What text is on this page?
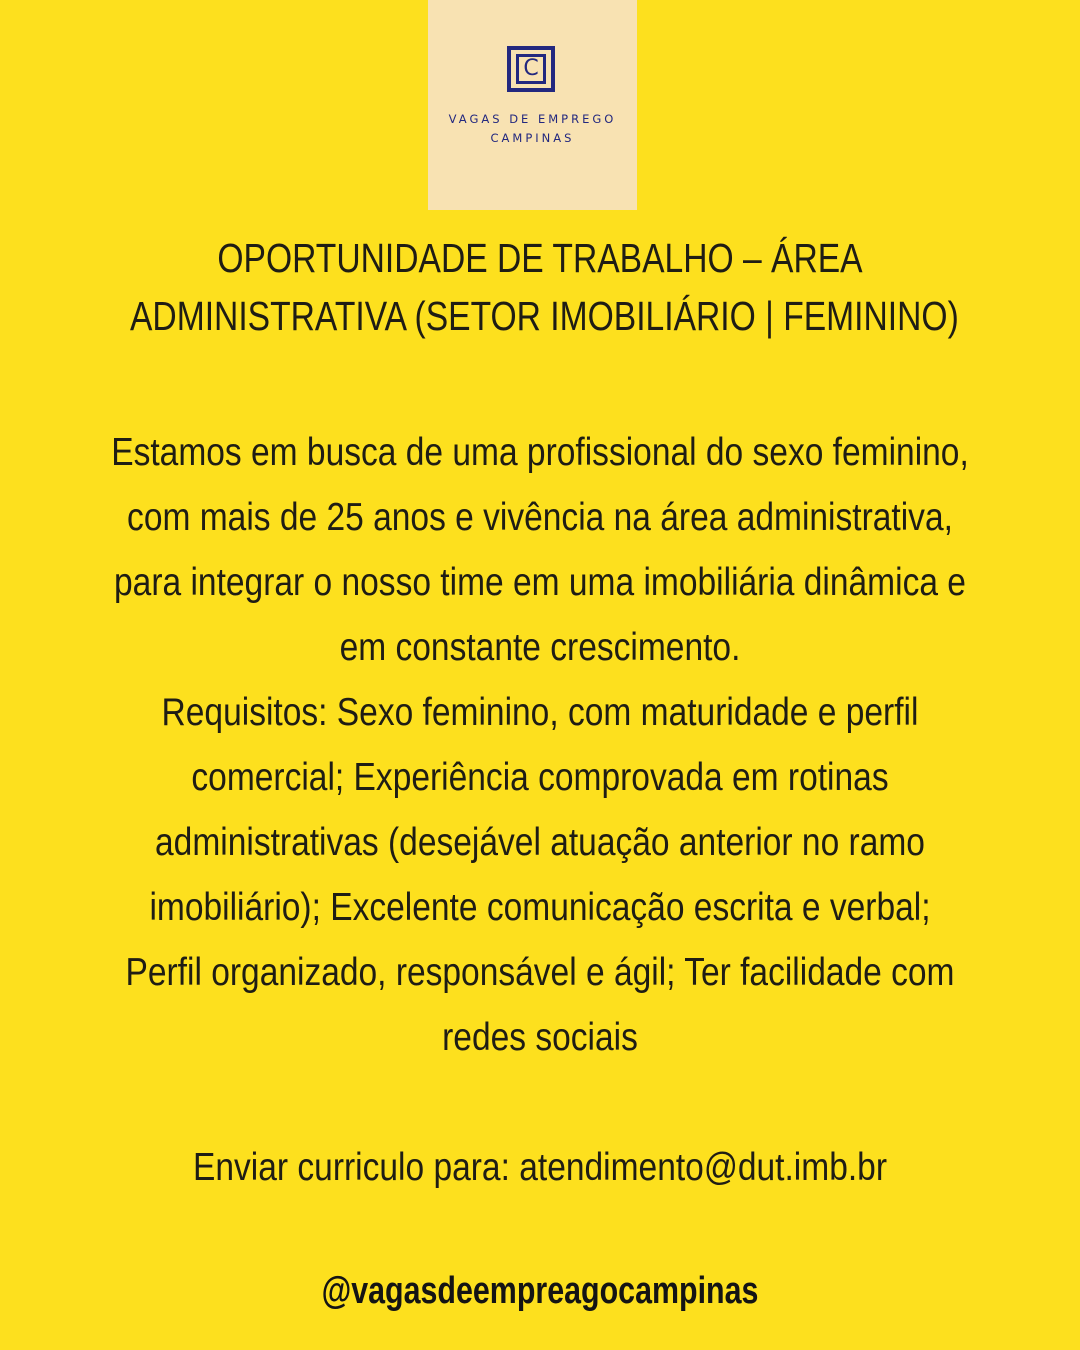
C
VAGAS DE EMPREGO
CAMPINAS
OPORTUNIDADE DE TRABALHO – ÁREA
ADMINISTRATIVA (SETOR IMOBILIÁRIO | FEMININO)
Estamos em busca de uma profissional do sexo feminino,
com mais de 25 anos e vivência na área administrativa,
para integrar o nosso time em uma imobiliária dinâmica e
em constante crescimento.
Requisitos: Sexo feminino, com maturidade e perfil
comercial; Experiência comprovada em rotinas
administrativas (desejável atuação anterior no ramo
imobiliário); Excelente comunicação escrita e verbal;
Perfil organizado, responsável e ágil; Ter facilidade com
redes sociais
Enviar curriculo para: atendimento@dut.imb.br
@vagasdeempreagocampinas
